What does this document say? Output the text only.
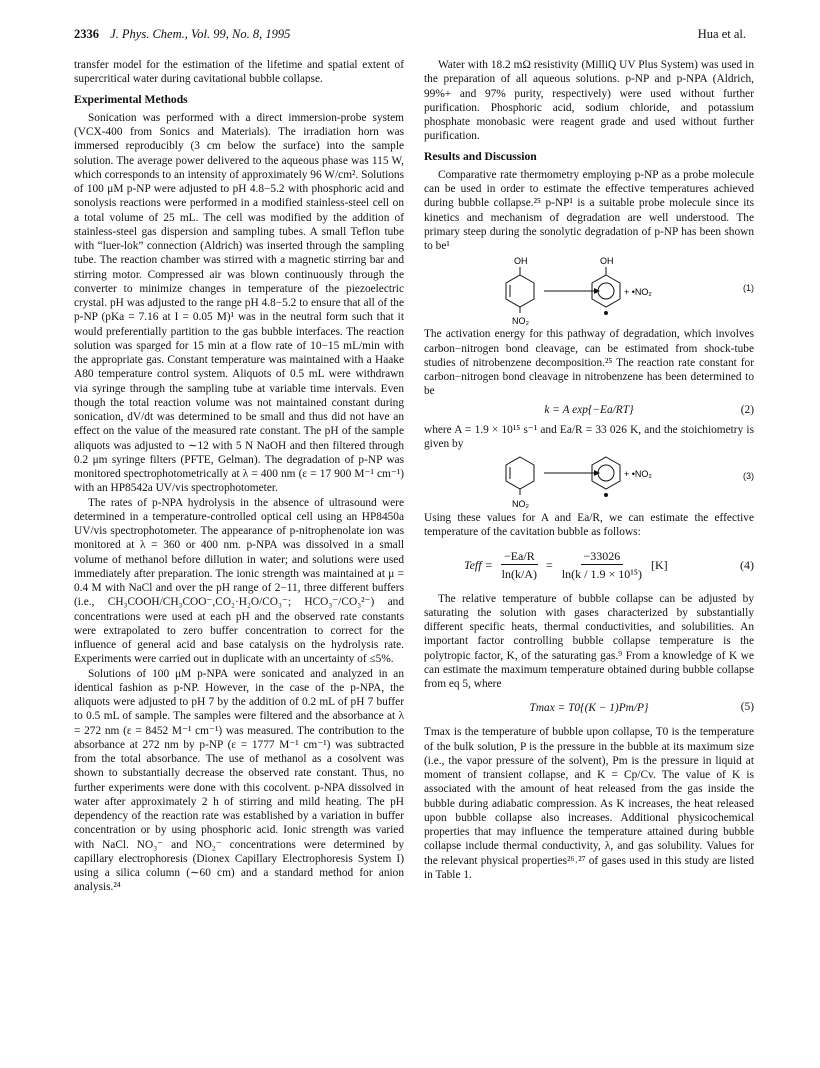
2336 J. Phys. Chem., Vol. 99, No. 8, 1995	Hua et al.

transfer model for the estimation of the lifetime and spatial extent of supercritical water during cavitational bubble collapse.

Experimental Methods

Sonication was performed with a direct immersion-probe system (VCX-400 from Sonics and Materials). The irradiation horn was immersed reproducibly (3 cm below the surface) into the sample solution. The average power delivered to the aqueous phase was 115 W, which corresponds to an intensity of approximately 96 W/cm². Solutions of 100 μM p-NP were adjusted to pH 4.8−5.2 with phosphoric acid and sonolysis reactions were performed in a modified stainless-steel cell on a total volume of 25 mL. The cell was modified by the addition of stainless-steel gas dispersion and sampling tubes. A small Teflon tube with “luer-lok” connection (Aldrich) was inserted through the sampling tube. The reaction chamber was stirred with a magnetic stirring bar and stirring motor. Compressed air was blown continuously through the converter to minimize changes in temperature of the piezoelectric crystal. pH was adjusted to the range pH 4.8−5.2 to ensure that all of the p-NP (pKa = 7.16 at I = 0.05 M)¹ was in the neutral form such that it would preferentially partition to the gas bubble interfaces. The reaction solution was sparged for 15 min at a flow rate of 10−15 mL/min with the appropriate gas. Constant temperature was maintained with a Haake A80 temperature control system. Aliquots of 0.5 mL were withdrawn via syringe through the sampling tube at variable time intervals. Even though the total reaction volume was not maintained constant during sonication, dV/dt was determined to be small and thus did not have an effect on the value of the measured rate constant. The pH of the sample aliquots was adjusted to ∼12 with 5 N NaOH and then filtered through 0.2 μm syringe filters (PFTE, Gelman). The degradation of p-NP was monitored spectrophotometrically at λ = 400 nm (ε = 17 900 M⁻¹ cm⁻¹) with an HP8542a UV/vis spectrophotometer.

The rates of p-NPA hydrolysis in the absence of ultrasound were determined in a temperature-controlled optical cell using an HP8450a UV/vis spectrophotometer. The appearance of p-nitrophenolate ion was monitored at λ = 360 or 400 nm. p-NPA was dissolved in a small volume of methanol before dillution in water; and solutions were used immediately after preparation. The ionic strength was maintained at μ = 0.4 M with NaCl and over the pH range of 2−11, three different buffers (i.e., CH₃COOH/CH₃COO⁻,CO₂·H₂O/CO₃⁻; HCO₃⁻/CO₃²⁻) and concentrations were used at each pH and the observed rate constants were extrapolated to zero buffer concentration to correct for the influence of general acid and base catalysis on the hydrolysis rate. Experiments were carried out in duplicate with an uncertainty of ≤5%.

Solutions of 100 μM p-NPA were sonicated and analyzed in an identical fashion as p-NP. However, in the case of the p-NPA, the aliquots were adjusted to pH 7 by the addition of 0.2 mL of pH 7 buffer to 0.5 mL of sample. The samples were filtered and the absorbance at λ = 272 nm (ε = 8452 M⁻¹ cm⁻¹) was measured. The contribution to the absorbance at 272 nm by p-NP (ε = 1777 M⁻¹ cm⁻¹) was subtracted from the total absorbance. The use of methanol as a cosolvent was shown to substantially decrease the observed rate constant. Thus, no further experiments were done with this cocolvent. p-NPA dissolved in water after approximately 2 h of stirring and mild heating. The pH dependency of the reaction rate was established by a variation in buffer concentration or by using phosphoric acid. Ionic strength was varied with NaCl. NO₃⁻ and NO₂⁻ concentrations were determined by capillary electrophoresis (Dionex Capillary Electrophoresis System I) using a silica column (∼60 cm) and a standard method for anion analysis.²⁴

Water with 18.2 mΩ resistivity (MilliQ UV Plus System) was used in the preparation of all aqueous solutions. p-NP and p-NPA (Aldrich, 99%+ and 97% purity, respectively) were used without further purification. Phosphoric acid, sodium chloride, and potassium phosphate monobasic were reagent grade and used without further purification.

Results and Discussion

Comparative rate thermometry employing p-NP as a probe molecule can be used in order to estimate the effective temperatures achieved during bubble collapse.²⁵ p-NP¹ is a suitable probe molecule since its kinetics and mechanism of degradation are well understood. The primary steep during the sonolytic degradation of p-NP has been shown to be¹

OH
NO₂
OH
+ •NO₂	(1)

The activation energy for this pathway of degradation, which involves carbon−nitrogen bond cleavage, can be estimated from shock-tube studies of nitrobenzene decomposition.²⁵ The reaction rate constant for carbon−nitrogen bond cleavage in nitrobenzene has been determined to be

k = A exp{−Ea/RT}	(2)

where A = 1.9 × 10¹⁵ s⁻¹ and Ea/R = 33 026 K, and the stoichiometry is given by

NO₂
+ •NO₂	(3)

Using these values for A and Ea/R, we can estimate the effective temperature of the cavitation bubble as follows:

Teff = $\frac{-Ea/R}{\ln(k/A)} = \frac{-33026}{\text{ln(k / 1.9 × 10¹⁵)}} [K]$	(4)

The relative temperature of bubble collapse can be adjusted by saturating the solution with gases characterized by substantially different specific heats, thermal conductivities, and solubilities. An important factor controlling bubble collapse temperature is the polytropic factor, K, of the saturating gas.⁹ From a knowledge of K we can estimate the maximum temperature obtained during bubble collapse from eq 5, where

Tmax = T0{(K − 1)Pm/P}	(5)

Tmax is the temperature of bubble upon collapse, T0 is the temperature of the bulk solution, P is the pressure in the bubble at its maximum size (i.e., the vapor pressure of the solvent), Pm is the pressure in liquid at moment of transient collapse, and K = Cp/Cv. The value of K is associated with the amount of heat released from the gas inside the bubble during adiabatic compression. As K increases, the heat released upon bubble collapse also increases. Additional physicochemical properties that may influence the temperature attained during bubble collapse include thermal conductivity, λ, and gas solubility. Values for the relevant physical properties²⁶˒²⁷ of gases used in this study are listed in Table 1.
